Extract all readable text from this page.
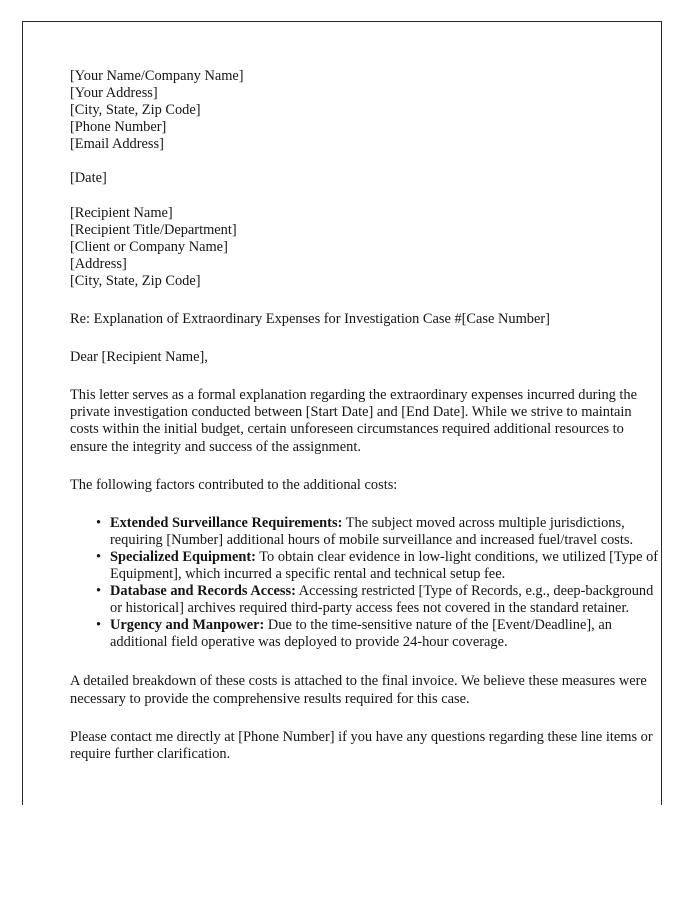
[Your Name/Company Name]
[Your Address]
[City, State, Zip Code]
[Phone Number]
[Email Address]
[Date]
[Recipient Name]
[Recipient Title/Department]
[Client or Company Name]
[Address]
[City, State, Zip Code]
Re: Explanation of Extraordinary Expenses for Investigation Case #[Case Number]
Dear [Recipient Name],

This letter serves as a formal explanation regarding the extraordinary expenses incurred during the private investigation conducted between [Start Date] and [End Date]. While we strive to maintain costs within the initial budget, certain unforeseen circumstances required additional resources to ensure the integrity and success of the assignment.

The following factors contributed to the additional costs:

• Extended Surveillance Requirements: The subject moved across multiple jurisdictions, requiring [Number] additional hours of mobile surveillance and increased fuel/travel costs.
• Specialized Equipment: To obtain clear evidence in low-light conditions, we utilized [Type of Equipment], which incurred a specific rental and technical setup fee.
• Database and Records Access: Accessing restricted [Type of Records, e.g., deep-background or historical] archives required third-party access fees not covered in the standard retainer.
• Urgency and Manpower: Due to the time-sensitive nature of the [Event/Deadline], an additional field operative was deployed to provide 24-hour coverage.

A detailed breakdown of these costs is attached to the final invoice. We believe these measures were necessary to provide the comprehensive results required for this case.

Please contact me directly at [Phone Number] if you have any questions regarding these line items or require further clarification.
